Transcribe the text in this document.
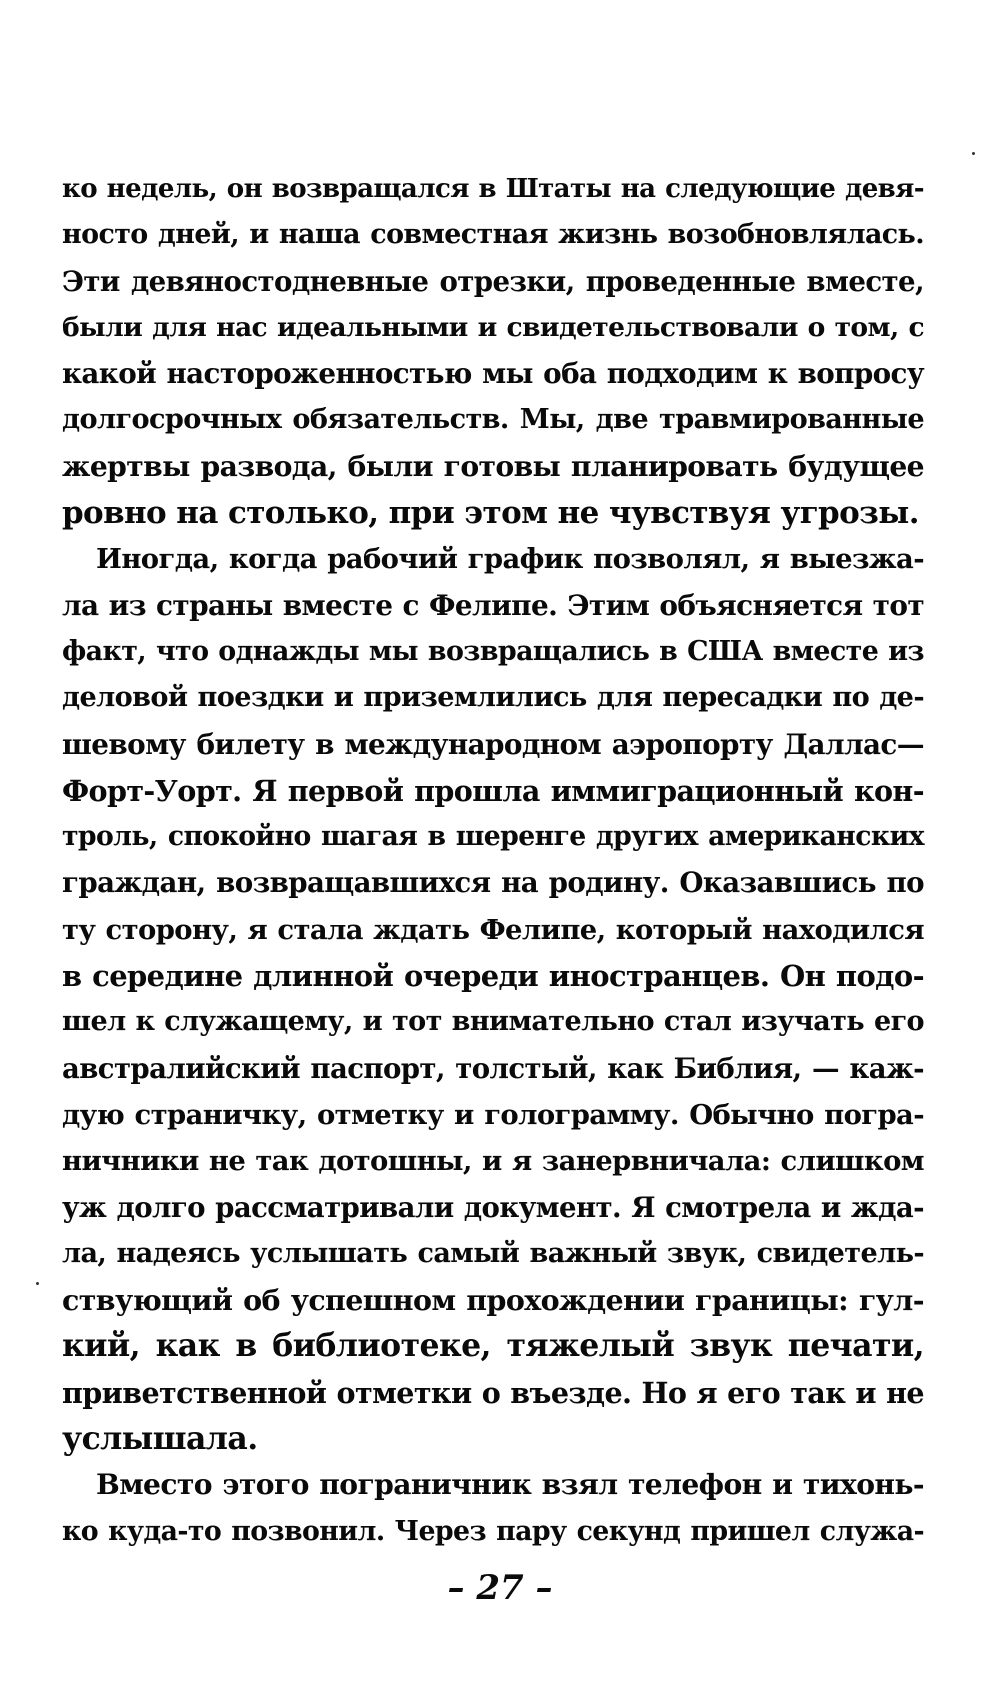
ко недель, он возвращался в Штаты на следующие девя-
носто дней, и наша совместная жизнь возобновлялась.
Эти девяностодневные отрезки, проведенные вместе,
были для нас идеальными и свидетельствовали о том, с
какой настороженностью мы оба подходим к вопросу
долгосрочных обязательств. Мы, две травмированные
жертвы развода, были готовы планировать будущее
ровно на столько, при этом не чувствуя угрозы.
Иногда, когда рабочий график позволял, я выезжа-
ла из страны вместе с Фелипе. Этим объясняется тот
факт, что однажды мы возвращались в США вместе из
деловой поездки и приземлились для пересадки по де-
шевому билету в международном аэропорту Даллас—
Форт-Уорт. Я первой прошла иммиграционный кон-
троль, спокойно шагая в шеренге других американских
граждан, возвращавшихся на родину. Оказавшись по
ту сторону, я стала ждать Фелипе, который находился
в середине длинной очереди иностранцев. Он подо-
шел к служащему, и тот внимательно стал изучать его
австралийский паспорт, толстый, как Библия, — каж-
дую страничку, отметку и голограмму. Обычно погра-
ничники не так дотошны, и я занервничала: слишком
уж долго рассматривали документ. Я смотрела и жда-
ла, надеясь услышать самый важный звук, свидетель-
ствующий об успешном прохождении границы: гул-
кий, как в библиотеке, тяжелый звук печати,
приветственной отметки о въезде. Но я его так и не
услышала.
Вместо этого пограничник взял телефон и тихонь-
ко куда-то позвонил. Через пару секунд пришел служа-
– 27 –
